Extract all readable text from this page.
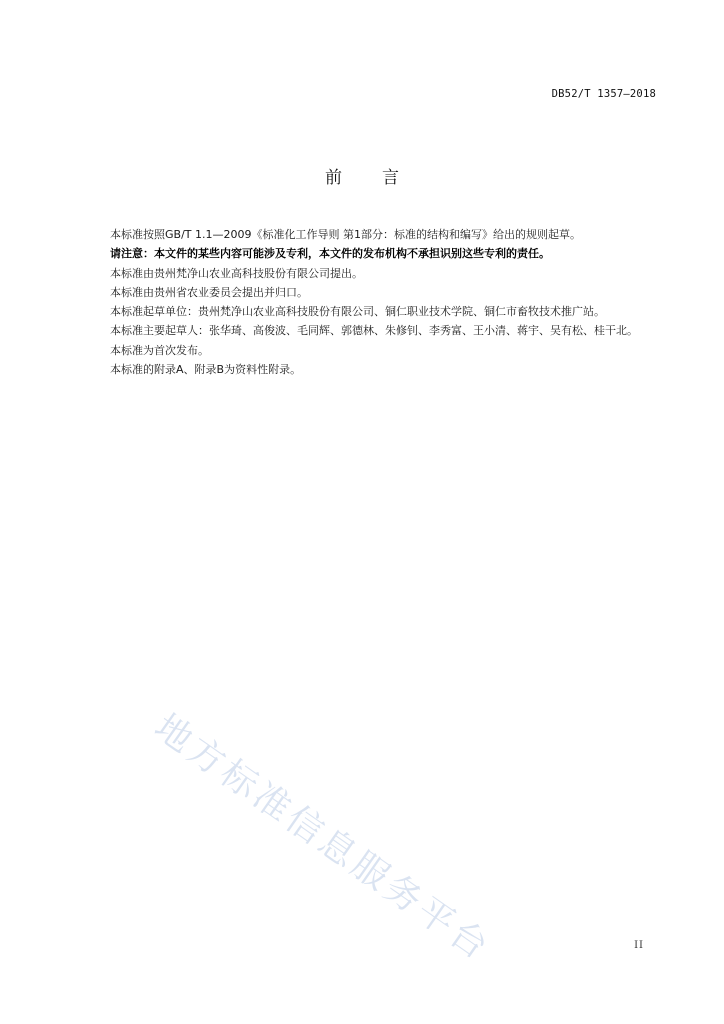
DB52/T 1357—2018
前言

本标准按照GB/T 1.1—2009《标准化工作导则 第1部分：标准的结构和编写》给出的规则起草。

请注意：本文件的某些内容可能涉及专利，本文件的发布机构不承担识别这些专利的责任。

本标准由贵州梵净山农业高科技股份有限公司提出。

本标准由贵州省农业委员会提出并归口。

本标准起草单位：贵州梵净山农业高科技股份有限公司、铜仁职业技术学院、铜仁市畜牧技术推广站。

本标准主要起草人：张华琦、高俊波、毛同辉、郭德林、朱修钊、李秀富、王小清、蒋宇、吴有松、桂干北。

本标准为首次发布。

本标准的附录A、附录B为资料性附录。

地方标准信息服务平台	II
